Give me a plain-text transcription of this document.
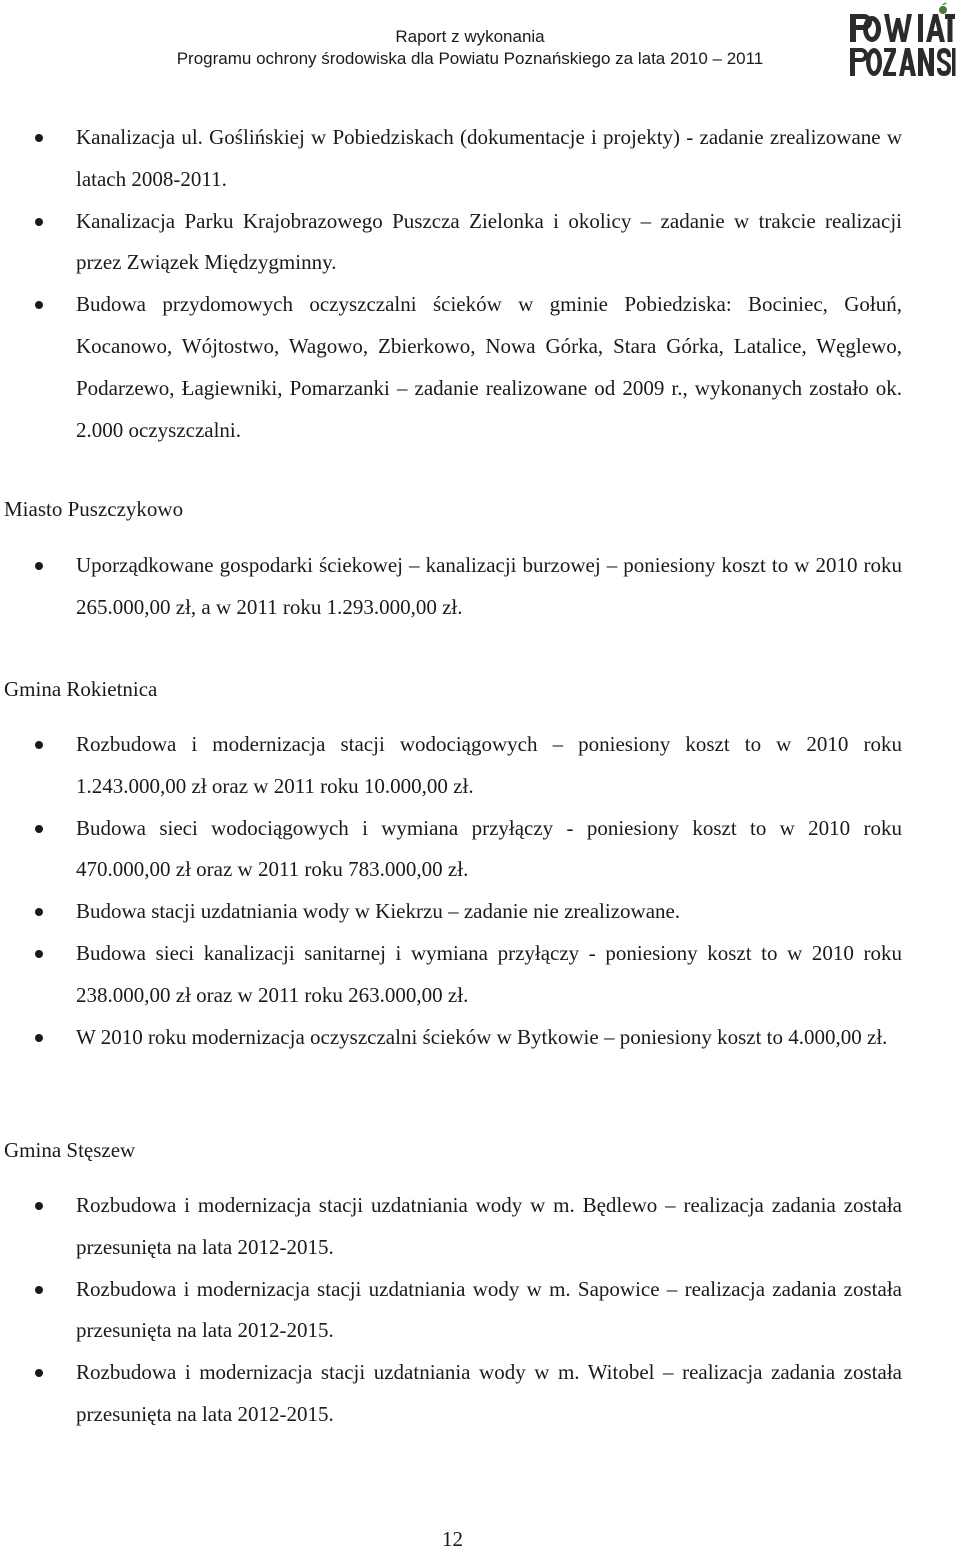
Raport z wykonania
Programu ochrony środowiska dla Powiatu Poznańskiego za lata 2010 – 2011
Kanalizacja ul. Goślińskiej w Pobiedziskach (dokumentacje i projekty) - zadanie zrealizowane w latach 2008-2011.
Kanalizacja Parku Krajobrazowego Puszcza Zielonka i okolicy – zadanie w trakcie realizacji przez Związek Międzygminny.
Budowa przydomowych oczyszczalni ścieków w gminie Pobiedziska: Bociniec, Gołuń, Kocanowo, Wójtostwo, Wagowo, Zbierkowo, Nowa Górka, Stara Górka, Latalice, Węglewo, Podarzewo, Łagiewniki, Pomarzanki – zadanie realizowane od 2009 r., wykonanych zostało ok. 2.000 oczyszczalni.
Miasto Puszczykowo
Uporządkowane gospodarki ściekowej – kanalizacji burzowej – poniesiony koszt to w 2010 roku 265.000,00 zł, a w 2011 roku 1.293.000,00 zł.
Gmina Rokietnica
Rozbudowa i modernizacja stacji wodociągowych – poniesiony koszt to w 2010 roku 1.243.000,00 zł oraz w 2011 roku 10.000,00 zł.
Budowa sieci wodociągowych i wymiana przyłączy - poniesiony koszt to w 2010 roku 470.000,00 zł oraz w 2011 roku 783.000,00 zł.
Budowa stacji uzdatniania wody w Kiekrzu – zadanie nie zrealizowane.
Budowa sieci kanalizacji sanitarnej i wymiana przyłączy - poniesiony koszt to w 2010 roku 238.000,00 zł oraz w 2011 roku 263.000,00 zł.
W 2010 roku modernizacja oczyszczalni ścieków w Bytkowie – poniesiony koszt to 4.000,00 zł.
Gmina Stęszew
Rozbudowa i modernizacja stacji uzdatniania wody w m. Będlewo – realizacja zadania została przesunięta na lata 2012-2015.
Rozbudowa i modernizacja stacji uzdatniania wody w m. Sapowice – realizacja zadania została przesunięta na lata 2012-2015.
Rozbudowa i modernizacja stacji uzdatniania wody w m. Witobel – realizacja zadania została przesunięta na lata 2012-2015.
12
